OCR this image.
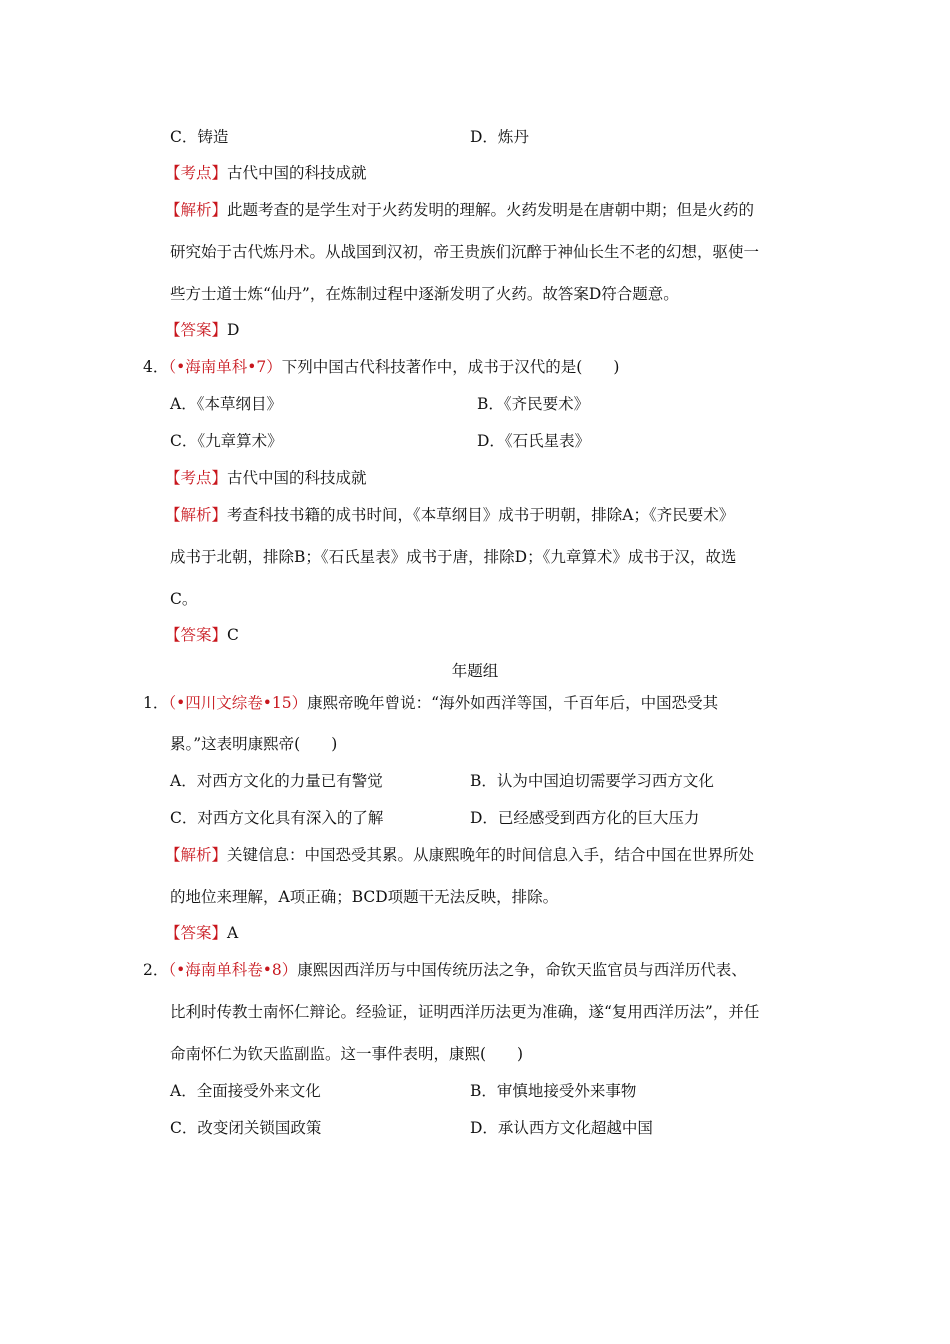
C．铸造	D．炼丹
【考点】古代中国的科技成就
【解析】此题考查的是学生对于火药发明的理解。火药发明是在唐朝中期；但是火药的
研究始于古代炼丹术。从战国到汉初，帝王贵族们沉醉于神仙长生不老的幻想，驱使一
些方士道士炼“仙丹”，在炼制过程中逐渐发明了火药。故答案D符合题意。
【答案】D
4．（•海南单科•7）下列中国古代科技著作中，成书于汉代的是(　　)
A．《本草纲目》	B．《齐民要术》
C．《九章算术》	D．《石氏星表》
【考点】古代中国的科技成就
【解析】考查科技书籍的成书时间，《本草纲目》成书于明朝，排除A；《齐民要术》
成书于北朝，排除B；《石氏星表》成书于唐，排除D；《九章算术》成书于汉，故选
C。
【答案】C
年题组
1．（•四川文综卷•15）康熙帝晚年曾说：“海外如西洋等国，千百年后，中国恐受其
累。”这表明康熙帝(　　)
A．对西方文化的力量已有警觉	B．认为中国迫切需要学习西方文化
C．对西方文化具有深入的了解	D．已经感受到西方化的巨大压力
【解析】关键信息：中国恐受其累。从康熙晚年的时间信息入手，结合中国在世界所处
的地位来理解，A项正确；BCD项题干无法反映，排除。
【答案】A
2．（•海南单科卷•8）康熙因西洋历与中国传统历法之争，命钦天监官员与西洋历代表、
比利时传教士南怀仁辩论。经验证，证明西洋历法更为准确，遂“复用西洋历法”，并任
命南怀仁为钦天监副监。这一事件表明，康熙(　　)
A．全面接受外来文化	B．审慎地接受外来事物
C．改变闭关锁国政策	D．承认西方文化超越中国
